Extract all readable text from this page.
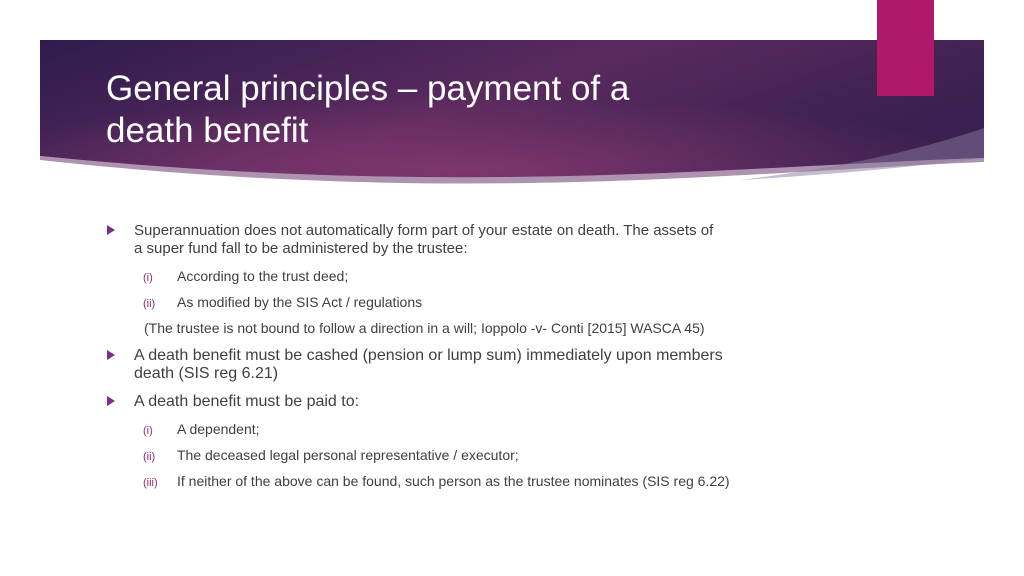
General principles – payment of a
death benefit
Superannuation does not automatically form part of your estate on death. The assets of
a super fund fall to be administered by the trustee:
(i) According to the trust deed;
(ii) As modified by the SIS Act / regulations
(The trustee is not bound to follow a direction in a will; Ioppolo -v- Conti [2015] WASCA 45)
A death benefit must be cashed (pension or lump sum) immediately upon members
death (SIS reg 6.21)
A death benefit must be paid to:
(i) A dependent;
(ii) The deceased legal personal representative / executor;
(iii) If neither of the above can be found, such person as the trustee nominates (SIS reg 6.22)
